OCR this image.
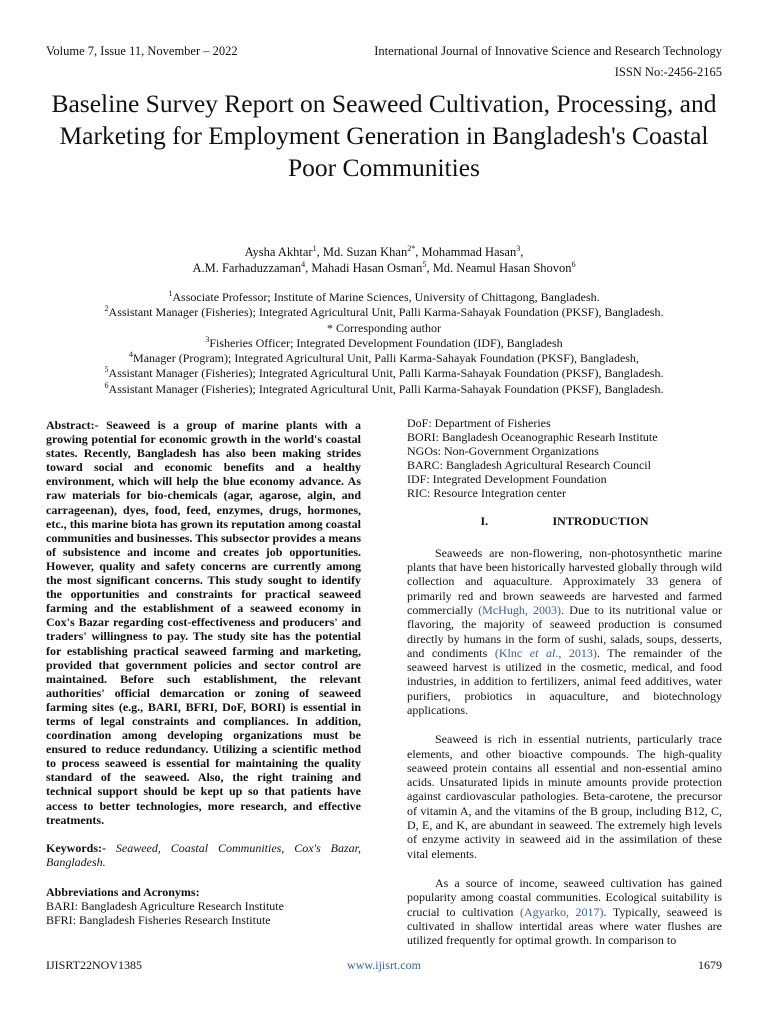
Volume 7, Issue 11, November – 2022	International Journal of Innovative Science and Research Technology
ISSN No:-2456-2165
Baseline Survey Report on Seaweed Cultivation, Processing, and Marketing for Employment Generation in Bangladesh's Coastal Poor Communities
Aysha Akhtar$^1$, Md. Suzan Khan$^{2*}$, Mohammad Hasan$^3$,
A.M. Farhaduzzaman$^4$, Mahadi Hasan Osman$^5$, Md. Neamul Hasan Shovon$^6$
$^1$Associate Professor; Institute of Marine Sciences, University of Chittagong, Bangladesh.
$^2$Assistant Manager (Fisheries); Integrated Agricultural Unit, Palli Karma-Sahayak Foundation (PKSF), Bangladesh.
* Corresponding author
$^3$Fisheries Officer; Integrated Development Foundation (IDF), Bangladesh
$^4$Manager (Program); Integrated Agricultural Unit, Palli Karma-Sahayak Foundation (PKSF), Bangladesh,
$^5$Assistant Manager (Fisheries); Integrated Agricultural Unit, Palli Karma-Sahayak Foundation (PKSF), Bangladesh.
$^6$Assistant Manager (Fisheries); Integrated Agricultural Unit, Palli Karma-Sahayak Foundation (PKSF), Bangladesh.

Abstract:- Seaweed is a group of marine plants with a growing potential for economic growth in the world's coastal states. Recently, Bangladesh has also been making strides toward social and economic benefits and a healthy environment, which will help the blue economy advance. As raw materials for bio-chemicals (agar, agarose, algin, and carrageenan), dyes, food, feed, enzymes, drugs, hormones, etc., this marine biota has grown its reputation among coastal communities and businesses. This subsector provides a means of subsistence and income and creates job opportunities. However, quality and safety concerns are currently among the most significant concerns. This study sought to identify the opportunities and constraints for practical seaweed farming and the establishment of a seaweed economy in Cox's Bazar regarding cost-effectiveness and producers' and traders' willingness to pay. The study site has the potential for establishing practical seaweed farming and marketing, provided that government policies and sector control are maintained. Before such establishment, the relevant authorities' official demarcation or zoning of seaweed farming sites (e.g., BARI, BFRI, DoF, BORI) is essential in terms of legal constraints and compliances. In addition, coordination among developing organizations must be ensured to reduce redundancy. Utilizing a scientific method to process seaweed is essential for maintaining the quality standard of the seaweed. Also, the right training and technical support should be kept up so that patients have access to better technologies, more research, and effective treatments.

Keywords:- Seaweed, Coastal Communities, Cox's Bazar, Bangladesh.

Abbreviations and Acronyms:

BARI: Bangladesh Agriculture Research Institute
BFRI: Bangladesh Fisheries Research Institute
DoF: Department of Fisheries
BORI: Bangladesh Oceanographic Researh Institute
NGOs: Non-Government Organizations
BARC: Bangladesh Agricultural Research Council
IDF: Integrated Development Foundation
RIC: Resource Integration center
I.	INTRODUCTION

Seaweeds are non-flowering, non-photosynthetic marine plants that have been historically harvested globally through wild collection and aquaculture. Approximately 33 genera of primarily red and brown seaweeds are harvested and farmed commercially (McHugh, 2003). Due to its nutritional value or flavoring, the majority of seaweed production is consumed directly by humans in the form of sushi, salads, soups, desserts, and condiments (Klnc et al., 2013). The remainder of the seaweed harvest is utilized in the cosmetic, medical, and food industries, in addition to fertilizers, animal feed additives, water purifiers, probiotics in aquaculture, and biotechnology applications.

Seaweed is rich in essential nutrients, particularly trace elements, and other bioactive compounds. The high-quality seaweed protein contains all essential and non-essential amino acids. Unsaturated lipids in minute amounts provide protection against cardiovascular pathologies. Beta-carotene, the precursor of vitamin A, and the vitamins of the B group, including B12, C, D, E, and K, are abundant in seaweed. The extremely high levels of enzyme activity in seaweed aid in the assimilation of these vital elements.

As a source of income, seaweed cultivation has gained popularity among coastal communities. Ecological suitability is crucial to cultivation (Agyarko, 2017). Typically, seaweed is cultivated in shallow intertidal areas where water flushes are utilized frequently for optimal growth. In comparison to

IJISRT22NOV1385	www.ijisrt.com	1679
